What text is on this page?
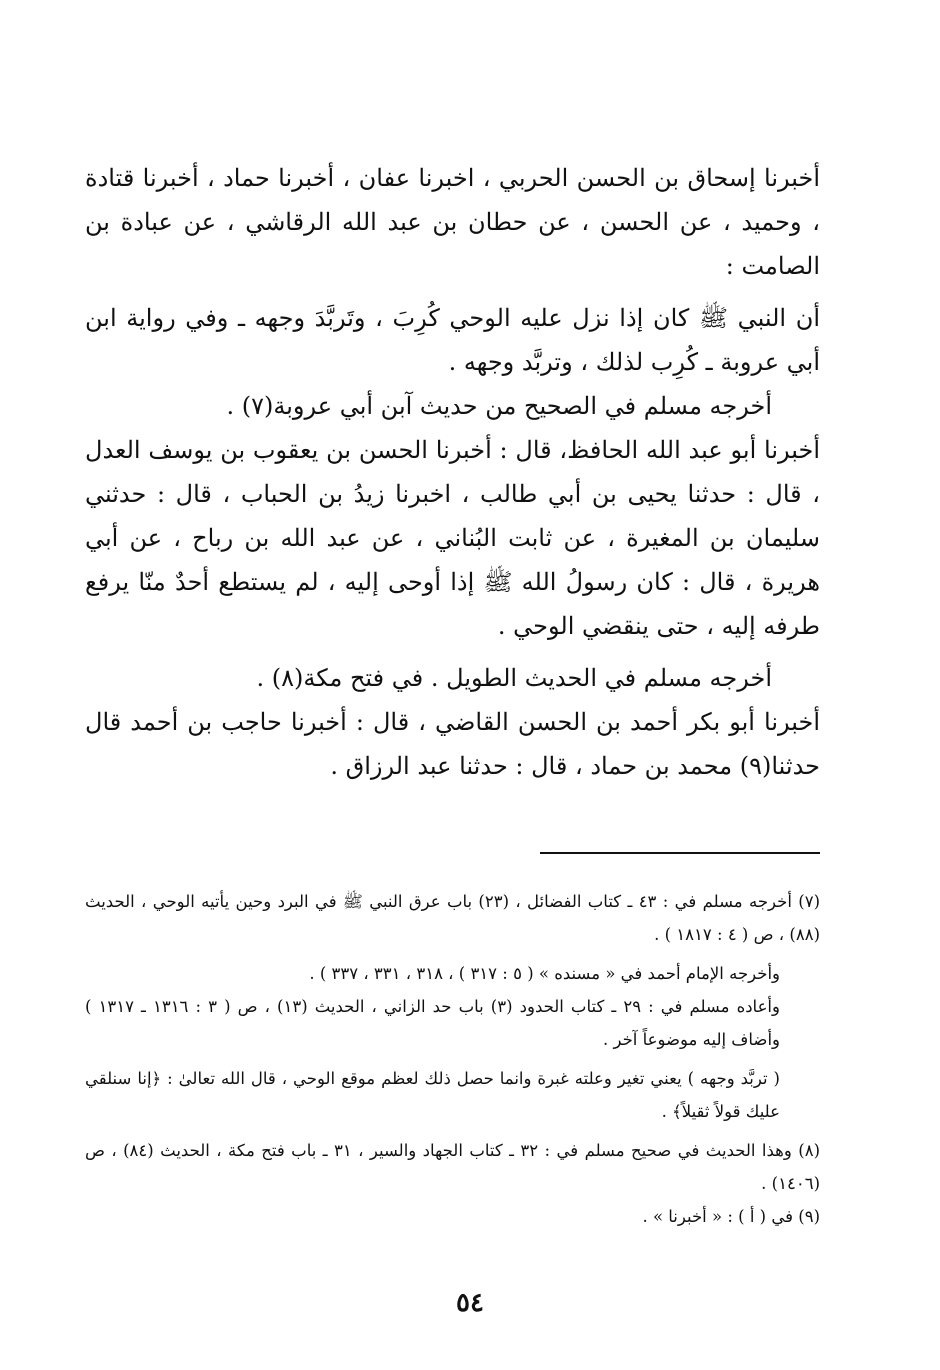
أخبرنا إسحاق بن الحسن الحربي ، اخبرنا عفان ، أخبرنا حماد ، أخبرنا قتادة ، وحميد ، عن الحسن ، عن حطان بن عبد الله الرقاشي ، عن عبادة بن الصامت :

أن النبي ﷺ كان إذا نزل عليه الوحي كُرِبَ ، وتَربَّدَ وجهه ـ وفي رواية ابن أبي عروبة ـ كُرِب لذلك ، وتربَّد وجهه .

أخرجه مسلم في الصحيح من حديث آبن أبي عروبة(٧) .

أخبرنا أبو عبد الله الحافظ، قال : أخبرنا الحسن بن يعقوب بن يوسف العدل ، قال : حدثنا يحيى بن أبي طالب ، اخبرنا زيدُ بن الحباب ، قال : حدثني سليمان بن المغيرة ، عن ثابت البُناني ، عن عبد الله بن رباح ، عن أبي هريرة ، قال : كان رسولُ الله ﷺ إذا أوحى إليه ، لم يستطع أحدٌ منّا يرفع طرفه إليه ، حتى ينقضي الوحي .

أخرجه مسلم في الحديث الطويل . في فتح مكة(٨) .

أخبرنا أبو بكر أحمد بن الحسن القاضي ، قال : أخبرنا حاجب بن أحمد قال حدثنا(٩) محمد بن حماد ، قال : حدثنا عبد الرزاق .

(٧) أخرجه مسلم في : ٤٣ ـ كتاب الفضائل ، (٢٣) باب عرق النبي ﷺ في البرد وحين يأتيه الوحي ، الحديث (٨٨) ، ص ( ٤ : ١٨١٧ ) .

وأخرجه الإمام أحمد في « مسنده » ( ٥ : ٣١٧ ) ، ٣١٨ ، ٣٣١ ، ٣٣٧ ) .

وأعاده مسلم في : ٢٩ ـ كتاب الحدود (٣) باب حد الزاني ، الحديث (١٣) ، ص ( ٣ : ١٣١٦ ـ ١٣١٧ ) وأضاف إليه موضوعاً آخر .

( تربَّد وجهه ) يعني تغير وعلته غبرة وانما حصل ذلك لعظم موقع الوحي ، قال الله تعالىٰ : ﴿إنا سنلقي عليك قولاً ثقيلاً﴾ .

(٨) وهذا الحديث في صحيح مسلم في : ٣٢ ـ كتاب الجهاد والسير ، ٣١ ـ باب فتح مكة ، الحديث (٨٤) ، ص (١٤٠٦) .

(٩) في ( أ ) : « أخبرنا » .

٥٤
